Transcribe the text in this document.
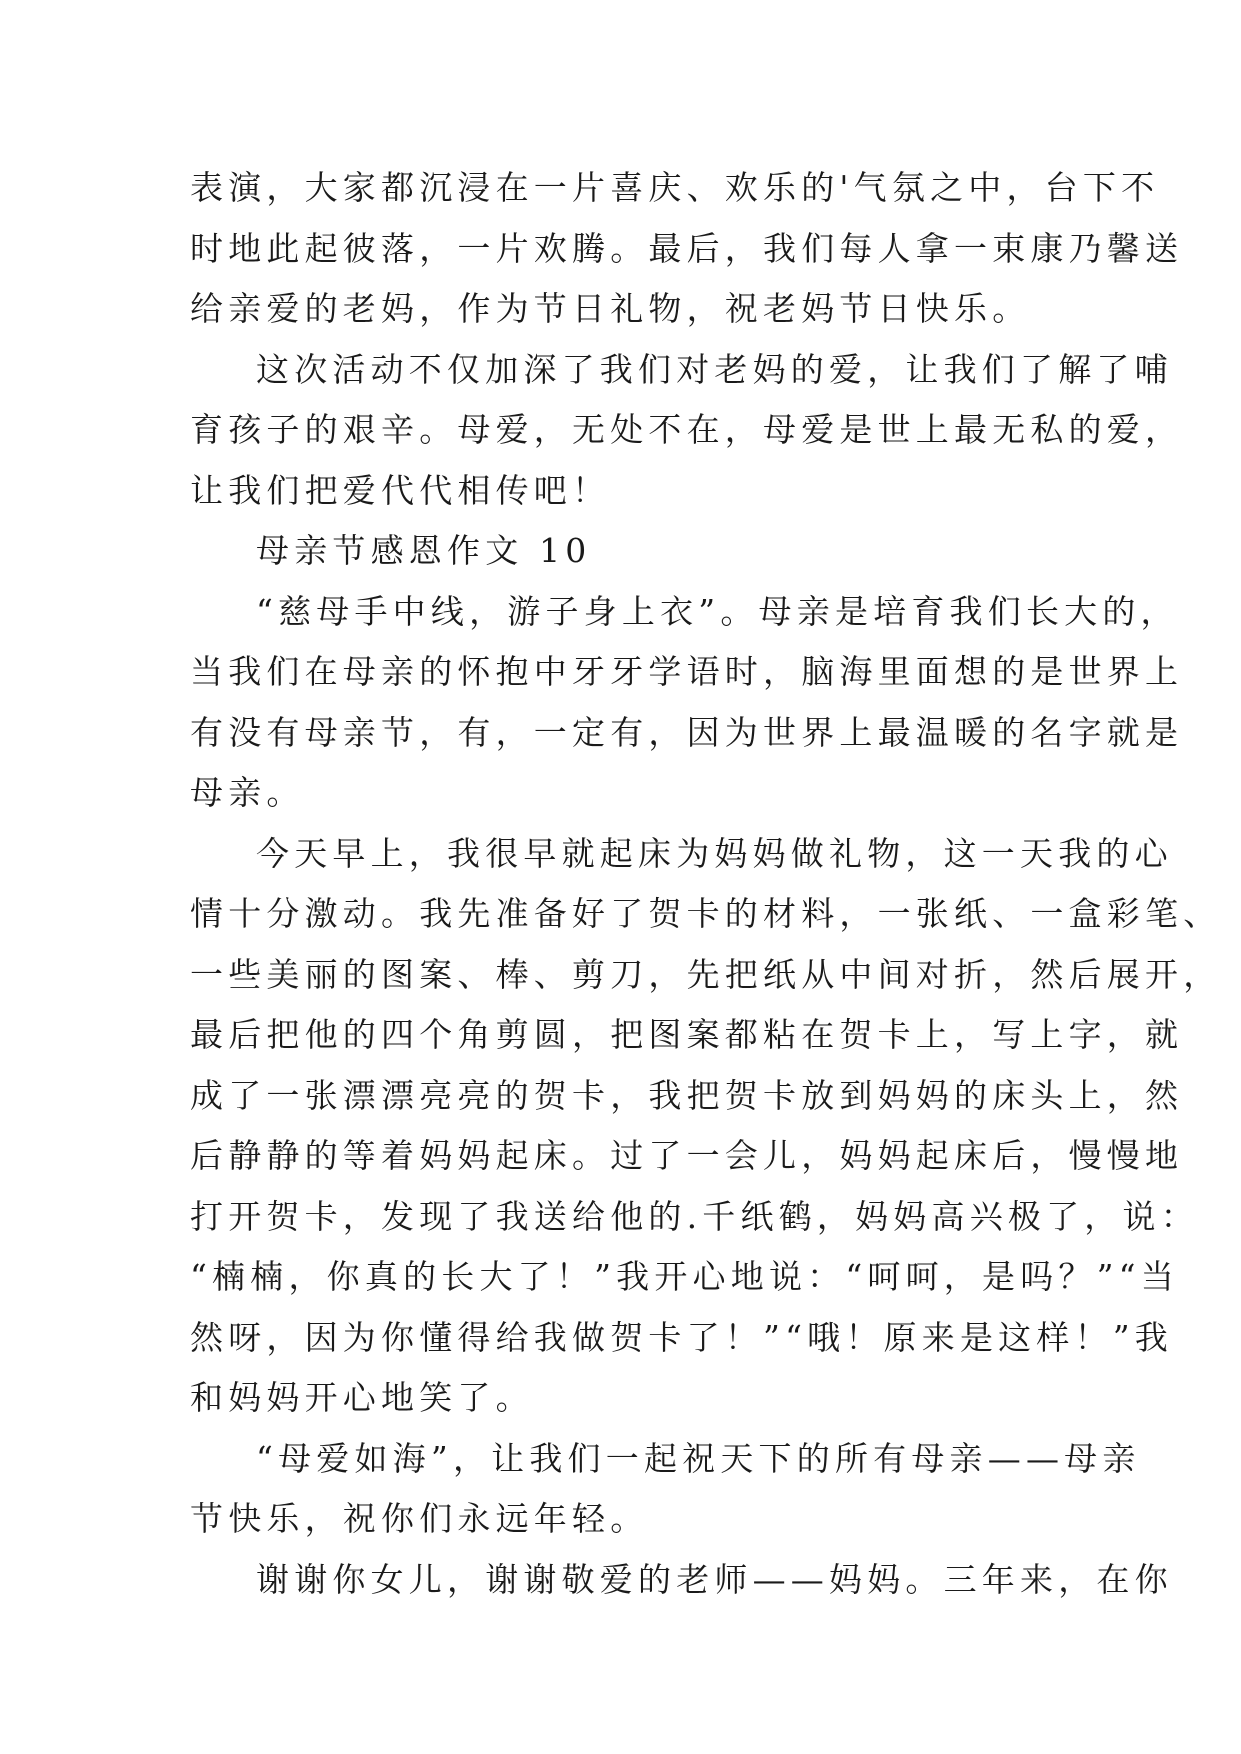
表演，大家都沉浸在一片喜庆、欢乐的'气氛之中，台下不
时地此起彼落，一片欢腾。最后，我们每人拿一束康乃馨送
给亲爱的老妈，作为节日礼物，祝老妈节日快乐。
这次活动不仅加深了我们对老妈的爱，让我们了解了哺
育孩子的艰辛。母爱，无处不在，母爱是世上最无私的爱，
让我们把爱代代相传吧！
母亲节感恩作文 10
“慈母手中线，游子身上衣”。母亲是培育我们长大的，
当我们在母亲的怀抱中牙牙学语时，脑海里面想的是世界上
有没有母亲节，有，一定有，因为世界上最温暖的名字就是
母亲。
今天早上，我很早就起床为妈妈做礼物，这一天我的心
情十分激动。我先准备好了贺卡的材料，一张纸、一盒彩笔、
一些美丽的图案、棒、剪刀，先把纸从中间对折，然后展开，
最后把他的四个角剪圆，把图案都粘在贺卡上，写上字，就
成了一张漂漂亮亮的贺卡，我把贺卡放到妈妈的床头上，然
后静静的等着妈妈起床。过了一会儿，妈妈起床后，慢慢地
打开贺卡，发现了我送给他的.千纸鹤，妈妈高兴极了，说：
“楠楠，你真的长大了！”我开心地说：“呵呵，是吗？”“当
然呀，因为你懂得给我做贺卡了！”“哦！原来是这样！”我
和妈妈开心地笑了。
“母爱如海”，让我们一起祝天下的所有母亲——母亲
节快乐，祝你们永远年轻。
谢谢你女儿，谢谢敬爱的老师——妈妈。三年来，在你
